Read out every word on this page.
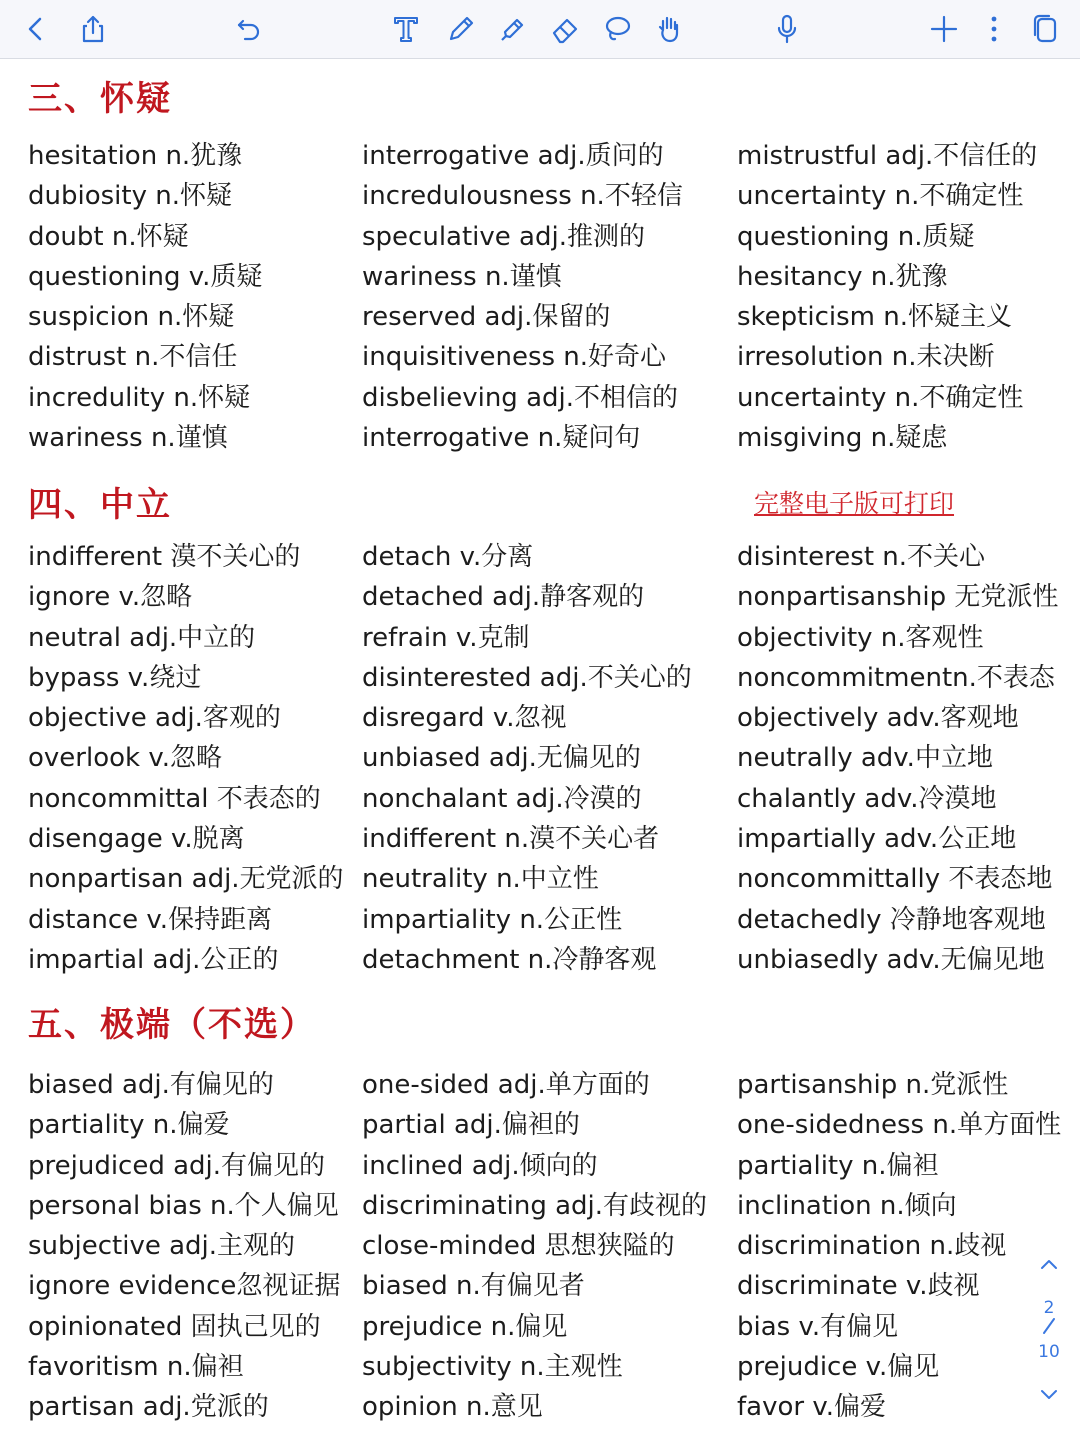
三、怀疑
hesitation n.犹豫
dubiosity n.怀疑
doubt n.怀疑
questioning v.质疑
suspicion n.怀疑
distrust n.不信任
incredulity n.怀疑
wariness n.谨慎
interrogative adj.质问的
incredulousness n.不轻信
speculative adj.推测的
wariness n.谨慎
reserved adj.保留的
inquisitiveness n.好奇心
disbelieving adj.不相信的
interrogative n.疑问句
mistrustful adj.不信任的
uncertainty n.不确定性
questioning n.质疑
hesitancy n.犹豫
skepticism n.怀疑主义
irresolution n.未决断
uncertainty n.不确定性
misgiving n.疑虑
四、中立	完整电子版可打印
indifferent 漠不关心的
ignore v.忽略
neutral adj.中立的
bypass v.绕过
objective adj.客观的
overlook v.忽略
noncommittal 不表态的
disengage v.脱离
nonpartisan adj.无党派的
distance v.保持距离
impartial adj.公正的
detach v.分离
detached adj.静客观的
refrain v.克制
disinterested adj.不关心的
disregard v.忽视
unbiased adj.无偏见的
nonchalant adj.冷漠的
indifferent n.漠不关心者
neutrality n.中立性
impartiality n.公正性
detachment n.冷静客观
disinterest n.不关心
nonpartisanship 无党派性
objectivity n.客观性
noncommitmentn.不表态
objectively adv.客观地
neutrally adv.中立地
chalantly adv.冷漠地
impartially adv.公正地
noncommittally 不表态地
detachedly 冷静地客观地
unbiasedly adv.无偏见地
五、极端（不选）
biased adj.有偏见的
partiality n.偏爱
prejudiced adj.有偏见的
personal bias n.个人偏见
subjective adj.主观的
ignore evidence忽视证据
opinionated 固执己见的
favoritism n.偏袒
partisan adj.党派的
one-sided adj.单方面的
partial adj.偏袒的
inclined adj.倾向的
discriminating adj.有歧视的
close-minded 思想狭隘的
biased n.有偏见者
prejudice n.偏见
subjectivity n.主观性
opinion n.意见
partisanship n.党派性
one-sidedness n.单方面性
partiality n.偏袒
inclination n.倾向
discrimination n.歧视
discriminate v.歧视
bias v.有偏见
prejudice v.偏见
favor v.偏爱
2
10
